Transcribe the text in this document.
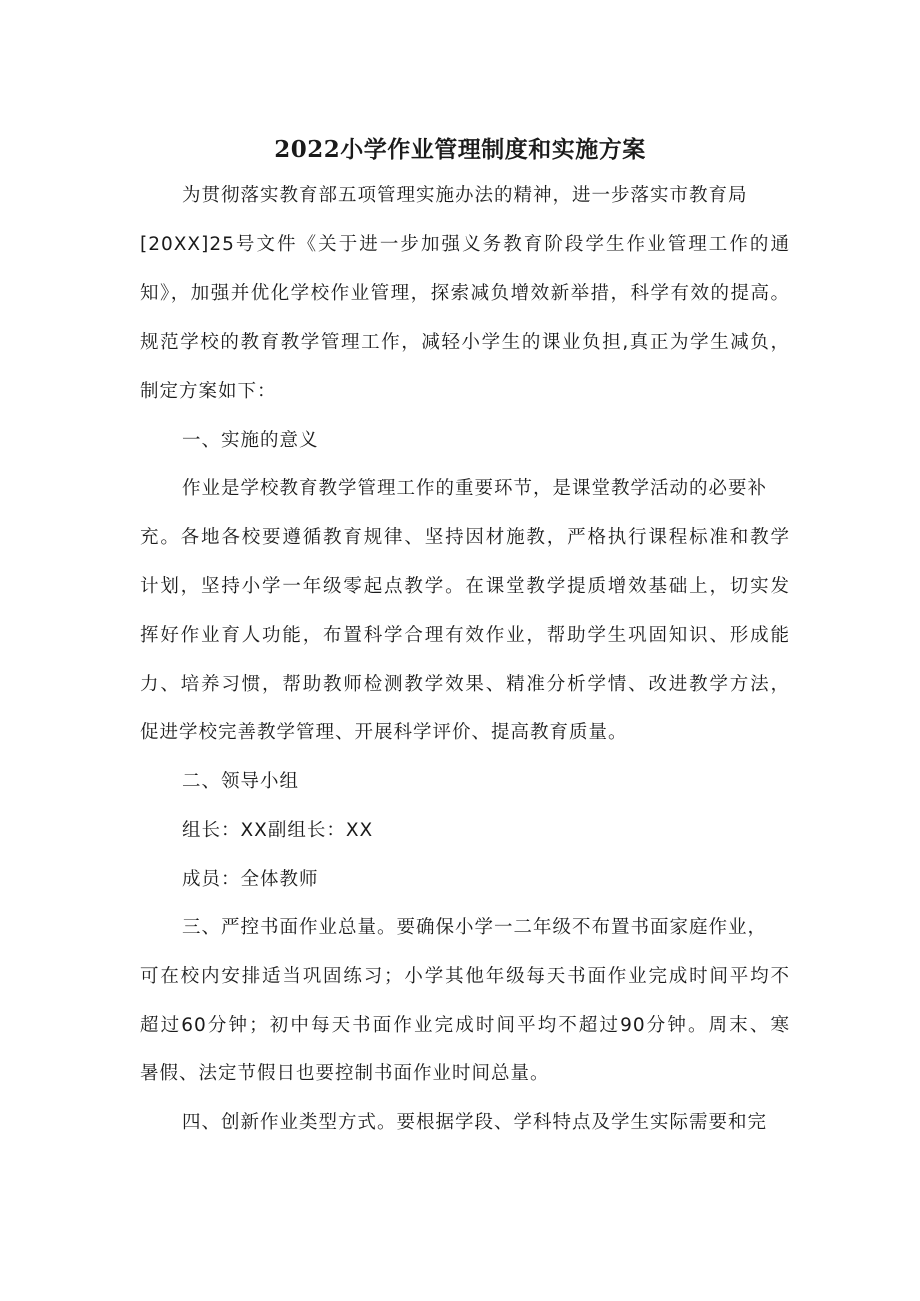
2022小学作业管理制度和实施方案

为贯彻落实教育部五项管理实施办法的精神，进一步落实市教育局

[20XX]25号文件《关于进一步加强义务教育阶段学生作业管理工作的通

知》，加强并优化学校作业管理，探索减负增效新举措，科学有效的提高。

规范学校的教育教学管理工作，减轻小学生的课业负担,真正为学生减负，

制定方案如下：

一、实施的意义

作业是学校教育教学管理工作的重要环节，是课堂教学活动的必要补

充。各地各校要遵循教育规律、坚持因材施教，严格执行课程标准和教学

计划，坚持小学一年级零起点教学。在课堂教学提质增效基础上，切实发

挥好作业育人功能，布置科学合理有效作业，帮助学生巩固知识、形成能

力、培养习惯，帮助教师检测教学效果、精准分析学情、改进教学方法，

促进学校完善教学管理、开展科学评价、提高教育质量。

二、领导小组

组长：XX副组长：XX

成员：全体教师

三、严控书面作业总量。要确保小学一二年级不布置书面家庭作业，

可在校内安排适当巩固练习；小学其他年级每天书面作业完成时间平均不

超过60分钟；初中每天书面作业完成时间平均不超过90分钟。周末、寒

暑假、法定节假日也要控制书面作业时间总量。

四、创新作业类型方式。要根据学段、学科特点及学生实际需要和完
